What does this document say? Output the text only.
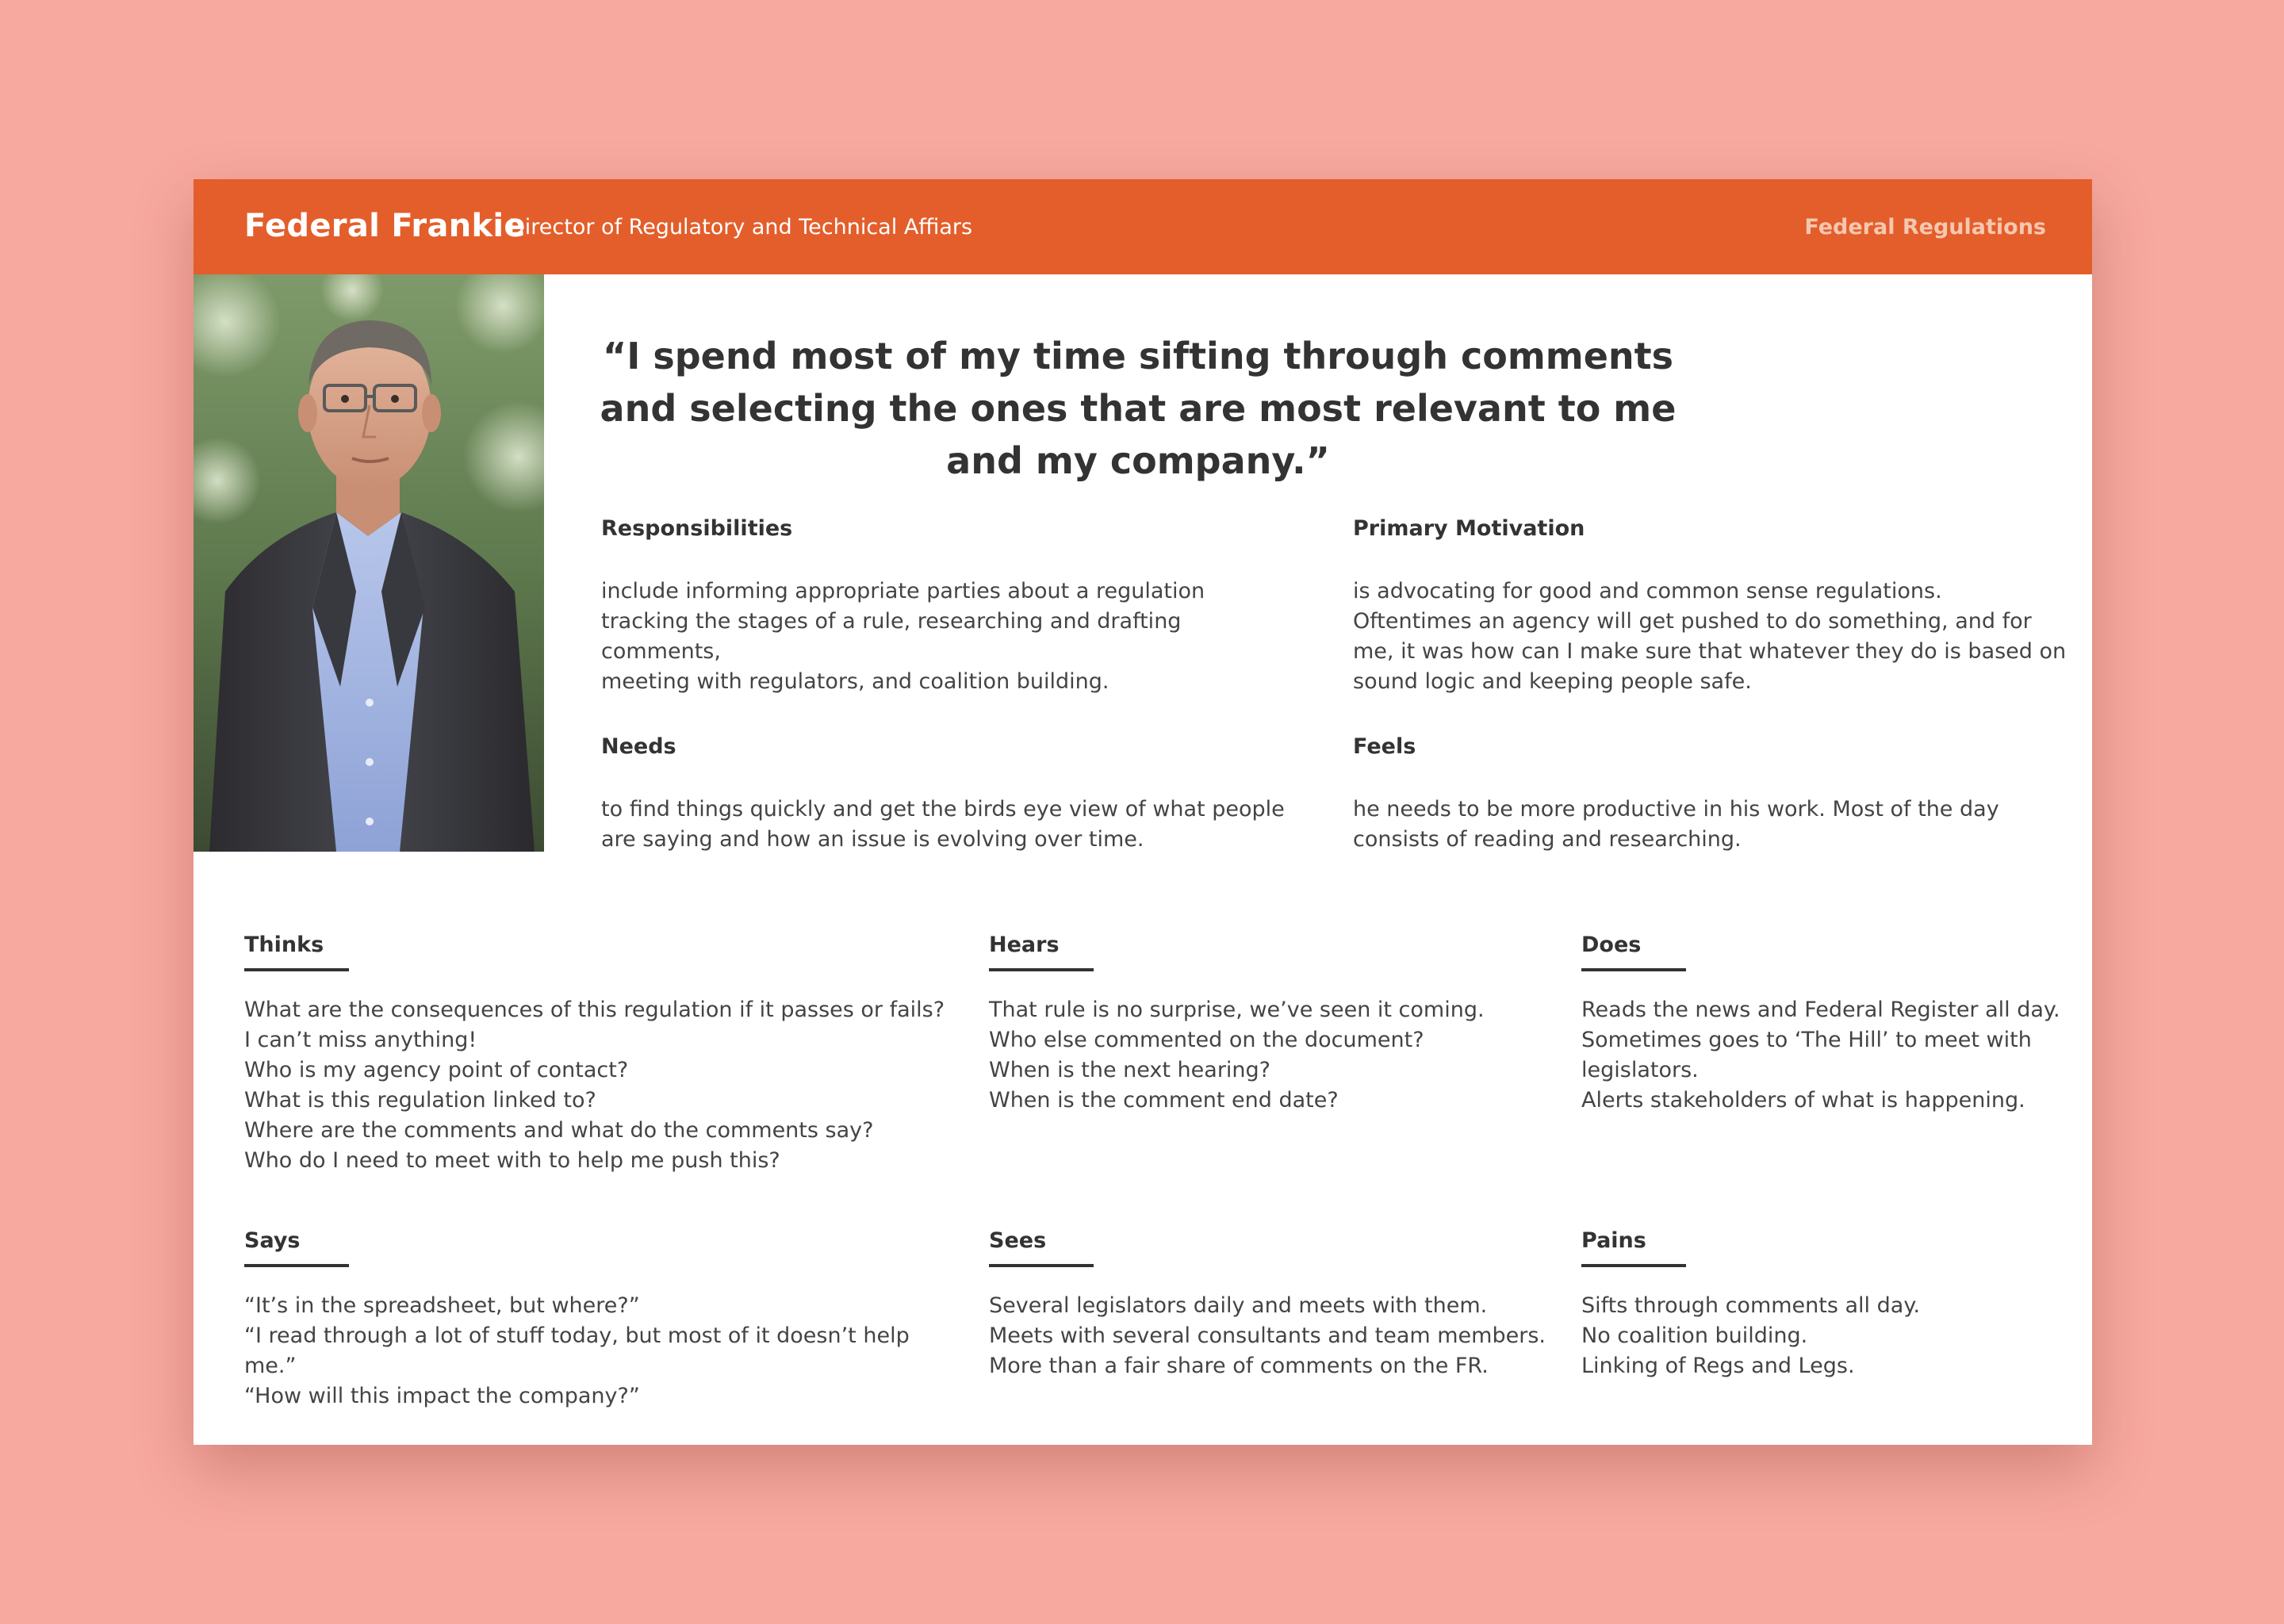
Federal Frankie
Director of Regulatory and Technical Affiars	Federal Regulations
“I spend most of my time sifting through comments and selecting the ones that are most relevant to me and my company.”
Responsibilities

include informing appropriate parties about a regulation

tracking the stages of a rule, researching and drafting comments,

meeting with regulators, and coalition building.

Primary Motivation

is advocating for good and common sense regulations.

Oftentimes an agency will get pushed to do something, and for

me, it was how can I make sure that whatever they do is based on

sound logic and keeping people safe.

Needs

to find things quickly and get the birds eye view of what people

are saying and how an issue is evolving over time.

Feels

he needs to be more productive in his work. Most of the day

consists of reading and researching.

Thinks

What are the consequences of this regulation if it passes or fails?

I can’t miss anything!

Who is my agency point of contact?

What is this regulation linked to?

Where are the comments and what do the comments say?

Who do I need to meet with to help me push this?

Hears

That rule is no surprise, we’ve seen it coming.

Who else commented on the document?

When is the next hearing?

When is the comment end date?

Does

Reads the news and Federal Register all day.

Sometimes goes to ‘The Hill’ to meet with

legislators.

Alerts stakeholders of what is happening.

Says

“It’s in the spreadsheet, but where?”

“I read through a lot of stuff today, but most of it doesn’t help

me.”

“How will this impact the company?”

Sees

Several legislators daily and meets with them.

Meets with several consultants and team members.

More than a fair share of comments on the FR.

Pains

Sifts through comments all day.

No coalition building.

Linking of Regs and Legs.
